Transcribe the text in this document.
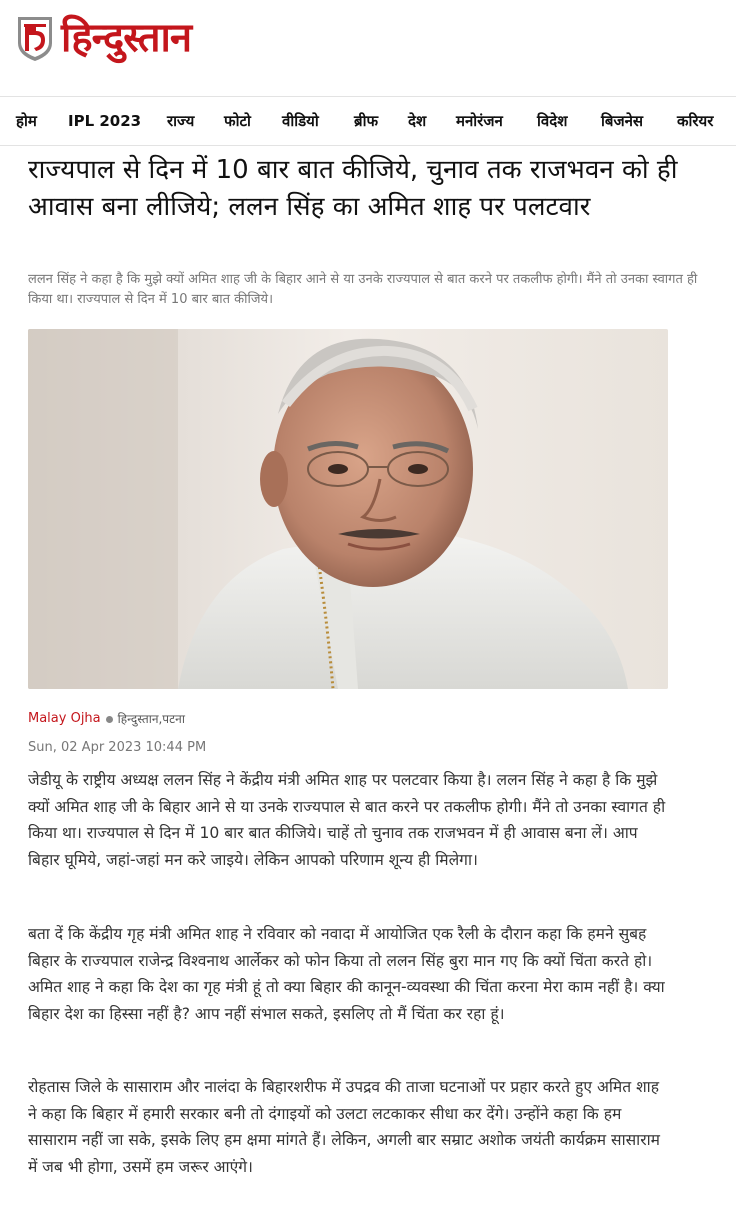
हिन्दुस्तान
होम IPL 2023 राज्य फोटो वीडियो ब्रीफ देश मनोरंजन विदेश बिजनेस करियर
राज्यपाल से दिन में 10 बार बात कीजिये, चुनाव तक राजभवन को ही आवास बना लीजिये; ललन सिंह का अमित शाह पर पलटवार

ललन सिंह ने कहा है कि मुझे क्यों अमित शाह जी के बिहार आने से या उनके राज्यपाल से बात करने पर तकलीफ होगी। मैंने तो उनका स्वागत ही किया था। राज्यपाल से दिन में 10 बार बात कीजिये।

Malay Ojha हिन्दुस्तान,पटना
Sun, 02 Apr 2023 10:44 PM

जेडीयू के राष्ट्रीय अध्यक्ष ललन सिंह ने केंद्रीय मंत्री अमित शाह पर पलटवार किया है। ललन सिंह ने कहा है कि मुझे क्यों अमित शाह जी के बिहार आने से या उनके राज्यपाल से बात करने पर तकलीफ होगी। मैंने तो उनका स्वागत ही किया था। राज्यपाल से दिन में 10 बार बात कीजिये। चाहें तो चुनाव तक राजभवन में ही आवास बना लें। आप बिहार घूमिये, जहां-जहां मन करे जाइये। लेकिन आपको परिणाम शून्य ही मिलेगा।

बता दें कि केंद्रीय गृह मंत्री अमित शाह ने रविवार को नवादा में आयोजित एक रैली के दौरान कहा कि हमने सुबह बिहार के राज्यपाल राजेन्द्र विश्वनाथ आर्लेकर को फोन किया तो ललन सिंह बुरा मान गए कि क्यों चिंता करते हो। अमित शाह ने कहा कि देश का गृह मंत्री हूं तो क्या बिहार की कानून-व्यवस्था की चिंता करना मेरा काम नहीं है। क्या बिहार देश का हिस्सा नहीं है? आप नहीं संभाल सकते, इसलिए तो मैं चिंता कर रहा हूं।

रोहतास जिले के सासाराम और नालंदा के बिहारशरीफ में उपद्रव की ताजा घटनाओं पर प्रहार करते हुए अमित शाह ने कहा कि बिहार में हमारी सरकार बनी तो दंगाइयों को उलटा लटकाकर सीधा कर देंगे। उन्होंने कहा कि हम सासाराम नहीं जा सके, इसके लिए हम क्षमा मांगते हैं। लेकिन, अगली बार सम्राट अशोक जयंती कार्यक्रम सासाराम में जब भी होगा, उसमें हम जरूर आएंगे।
